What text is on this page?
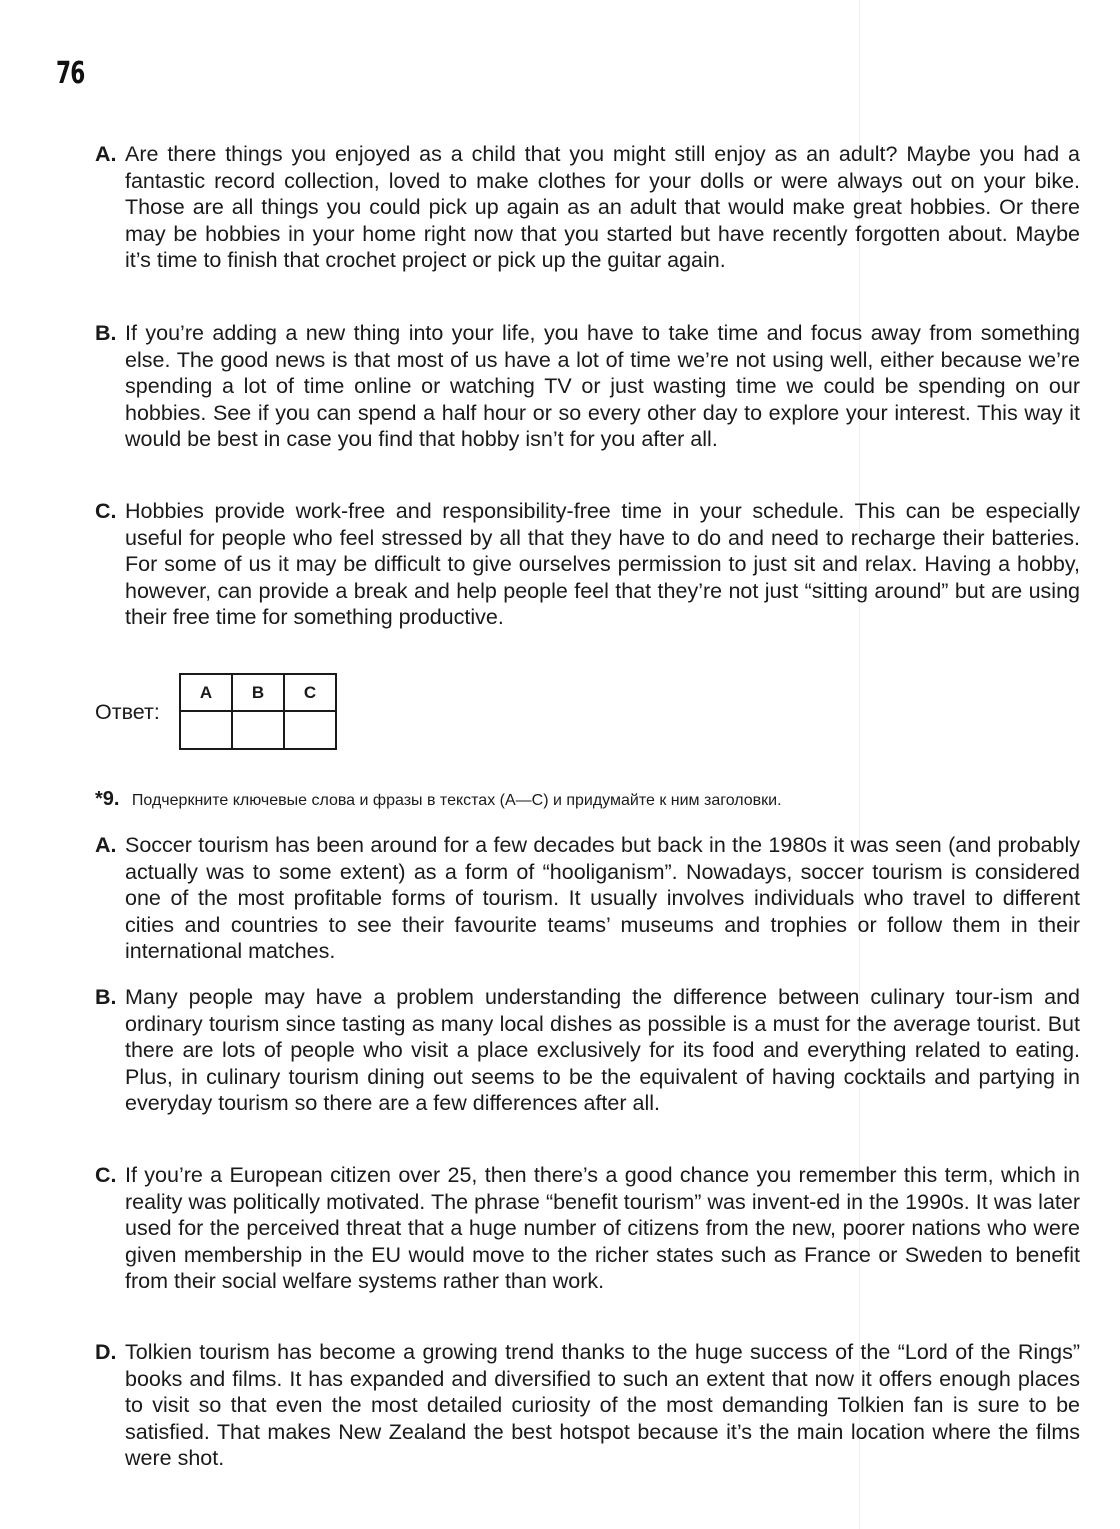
76
A. Are there things you enjoyed as a child that you might still enjoy as an adult? Maybe you had a fantastic record collection, loved to make clothes for your dolls or were always out on your bike. Those are all things you could pick up again as an adult that would make great hobbies. Or there may be hobbies in your home right now that you started but have recently forgotten about. Maybe it’s time to finish that crochet project or pick up the guitar again.
B. If you’re adding a new thing into your life, you have to take time and focus away from something else. The good news is that most of us have a lot of time we’re not using well, either because we’re spending a lot of time online or watching TV or just wasting time we could be spending on our hobbies. See if you can spend a half hour or so every other day to explore your interest. This way it would be best in case you find that hobby isn’t for you after all.
C. Hobbies provide work-free and responsibility-free time in your schedule. This can be especially useful for people who feel stressed by all that they have to do and need to recharge their batteries. For some of us it may be difficult to give ourselves permission to just sit and relax. Having a hobby, however, can provide a break and help people feel that they’re not just “sitting around” but are using their free time for something productive.
Ответ:
A	B	C

*9. Подчеркните ключевые слова и фразы в текстах (A—C) и придумайте к ним заголовки.
A. Soccer tourism has been around for a few decades but back in the 1980s it was seen (and probably actually was to some extent) as a form of “hooliganism”. Nowadays, soccer tourism is considered one of the most profitable forms of tourism. It usually involves individuals who travel to different cities and countries to see their favourite teams’ museums and trophies or follow them in their international matches.
B. Many people may have a problem understanding the difference between culinary tour-ism and ordinary tourism since tasting as many local dishes as possible is a must for the average tourist. But there are lots of people who visit a place exclusively for its food and everything related to eating. Plus, in culinary tourism dining out seems to be the equivalent of having cocktails and partying in everyday tourism so there are a few differences after all.
C. If you’re a European citizen over 25, then there’s a good chance you remember this term, which in reality was politically motivated. The phrase “benefit tourism” was invent-ed in the 1990s. It was later used for the perceived threat that a huge number of citizens from the new, poorer nations who were given membership in the EU would move to the richer states such as France or Sweden to benefit from their social welfare systems rather than work.
D. Tolkien tourism has become a growing trend thanks to the huge success of the “Lord of the Rings” books and films. It has expanded and diversified to such an extent that now it offers enough places to visit so that even the most detailed curiosity of the most demanding Tolkien fan is sure to be satisfied. That makes New Zealand the best hotspot because it’s the main location where the films were shot.
